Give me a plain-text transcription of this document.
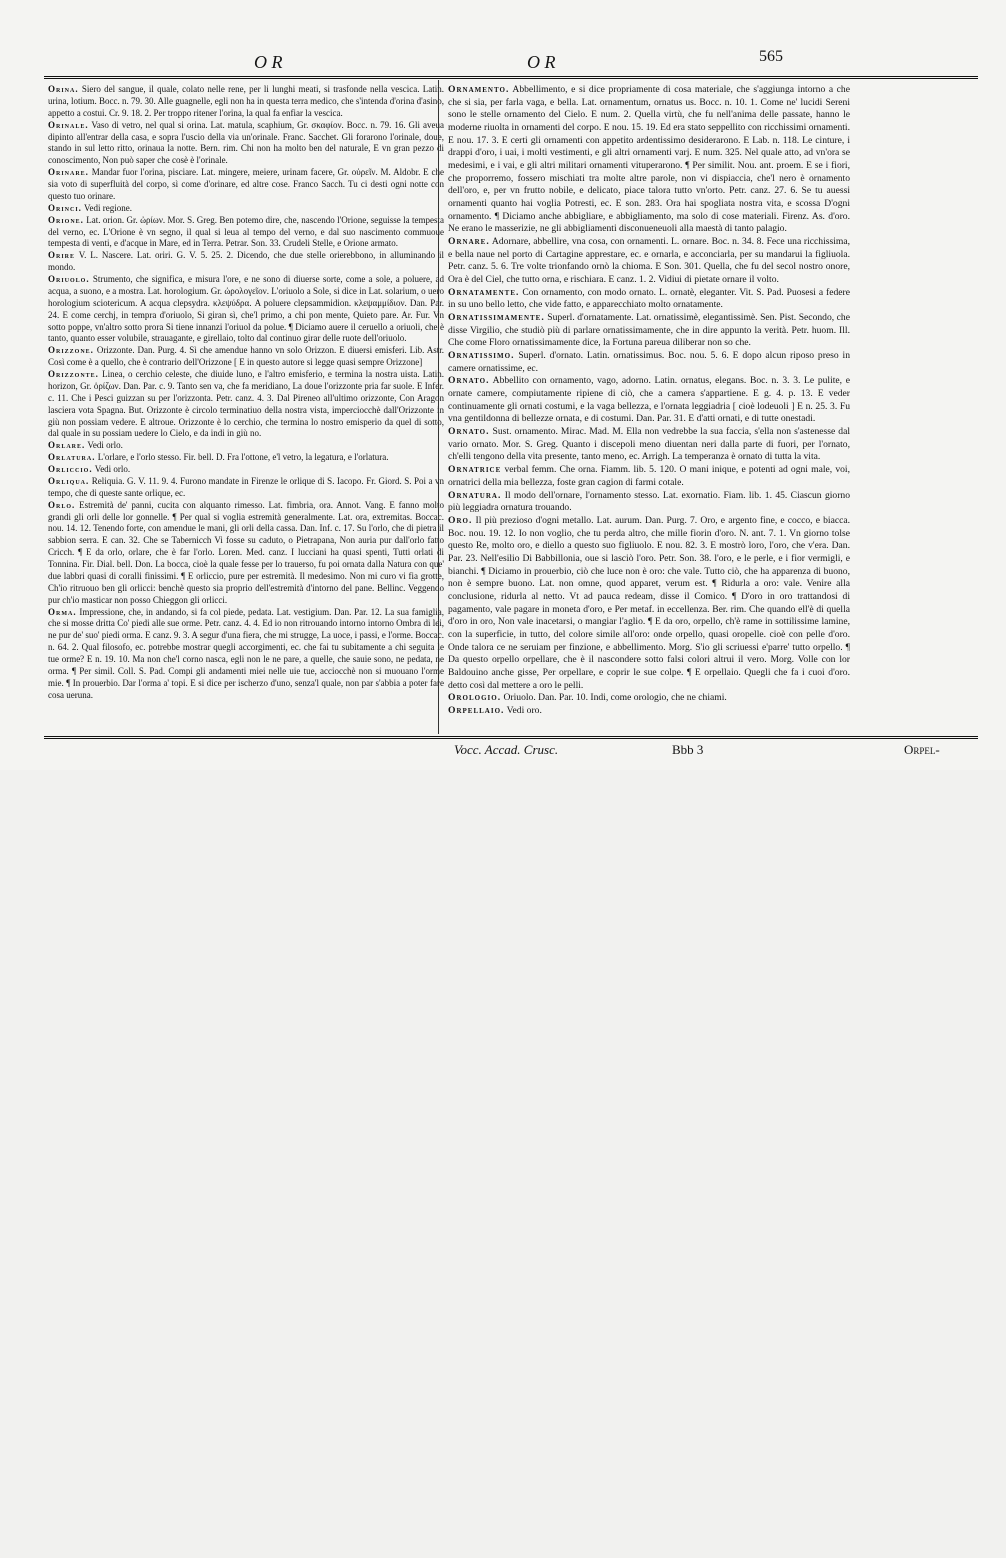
O R	O R	565

Orina. Siero del sangue, il quale, colato nelle rene, per li lunghi meati, si trasfonde nella vescica. Latin. urina, lotium. Bocc. n. 79. 30. Alle guagnelle, egli non ha in questa terra medico, che s'intenda d'orina d'asino, appetto a costui. Cr. 9. 18. 2. Per troppo ritener l'orina, la qual fa enfiar la vescica.

Orinale. Vaso di vetro, nel qual si orina. Lat. matula, scaphium, Gr. σκαφίον. Bocc. n. 79. 16. Gli aveua dipinto all'entrar della casa, e sopra l'uscio della via un'orinale. Franc. Sacchet. Gli forarono l'orinale, doue, stando in sul letto ritto, orinaua la notte. Bern. rim. Chi non ha molto ben del naturale, E vn gran pezzo di conoscimento, Non può saper che cosè è l'orinale.

Orinare. Mandar fuor l'orina, pisciare. Lat. mingere, meiere, urinam facere, Gr. οὐρεῖν. M. Aldobr. E che sia voto di superfluità del corpo, sì come d'orinare, ed altre cose. Franco Sacch. Tu ci desti ogni notte con questo tuo orinare.

Orinci. Vedi regione.

Orione. Lat. orion. Gr. ὠρίων. Mor. S. Greg. Ben potemo dire, che, nascendo l'Orione, seguisse la tempesta del verno, ec. L'Orione è vn segno, il qual si leua al tempo del verno, e dal suo nascimento commuoue tempesta di venti, e d'acque in Mare, ed in Terra. Petrar. Son. 33. Crudeli Stelle, e Orione armato.

Orire V. L. Nascere. Lat. oriri. G. V. 5. 25. 2. Dicendo, che due stelle orierebbono, in alluminando il mondo.

Oriuolo. Strumento, che significa, e misura l'ore, e ne sono di diuerse sorte, come a sole, a poluere, ad acqua, a suono, e a mostra. Lat. horologium. Gr. ὡρολογεῖον. L'oriuolo a Sole, si dice in Lat. solarium, o uero horologium sciotericum. A acqua clepsydra. κλεψύδρα. A poluere clepsammidion. κλεψαμμίδιον. Dan. Par. 24. E come cerchj, in tempra d'oriuolo, Si giran sì, che'l primo, a chi pon mente, Quieto pare. Ar. Fur. Vn sotto poppe, vn'altro sotto prora Si tiene innanzi l'oriuol da polue. ¶ Diciamo auere il ceruello a oriuoli, che è tanto, quanto esser volubile, strauagante, e girellaio, tolto dal continuo girar delle ruote dell'oriuolo.

Orizzone. Orizzonte. Dan. Purg. 4. Sì che amendue hanno vn solo Orizzon. E diuersi emisferi. Lib. Astr. Così come è a quello, che è contrario dell'Orizzone [ E in questo autore si legge quasi sempre Orizzone]

Orizzonte. Linea, o cerchio celeste, che diuide luno, e l'altro emisferio, e termina la nostra uista. Latin. horizon, Gr. ὁρίζων. Dan. Par. c. 9. Tanto sen va, che fa meridiano, La doue l'orizzonte pria far suole. E Infer. c. 11. Che i Pesci guizzan su per l'orizzonta. Petr. canz. 4. 3. Dal Pireneo all'ultimo orizzonte, Con Aragon lasciera vota Spagna. But. Orizzonte è circolo terminatiuo della nostra vista, imperciocchè dall'Orizzonte in giù non possiam vedere. E altroue. Orizzonte è lo cerchio, che termina lo nostro emisperio da quel di sotto, dal quale in su possiam uedere lo Cielo, e da indi in giù no.

Orlare. Vedi orlo.

Orlatura. L'orlare, e l'orlo stesso. Fir. bell. D. Fra l'ottone, e'l vetro, la legatura, e l'orlatura.

Orliccio. Vedi orlo.

Orliqua. Reliquia. G. V. 11. 9. 4. Furono mandate in Firenze le orlique di S. Iacopo. Fr. Giord. S. Poi a vn tempo, che di queste sante orlique, ec.

Orlo. Estremità de' panni, cucita con alquanto rimesso. Lat. fimbria, ora. Annot. Vang. E fanno molto grandi gli orli delle lor gonnelle. ¶ Per qual si voglia estremità generalmente. Lat. ora, extremitas. Boccac. nou. 14. 12. Tenendo forte, con amendue le mani, gli orli della cassa. Dan. Inf. c. 17. Su l'orlo, che di pietra il sabbion serra. E can. 32. Che se Tabernicch Vi fosse su caduto, o Pietrapana, Non auria pur dall'orlo fatto Cricch. ¶ E da orlo, orlare, che è far l'orlo. Loren. Med. canz. I lucciani ha quasi spenti, Tutti orlati di Tonnina. Fir. Dial. bell. Don. La bocca, cioè la quale fesse per lo trauerso, fu poi ornata dalla Natura con que' due labbri quasi di coralli finissimi. ¶ E orliccio, pure per estremità. Il medesimo. Non mi curo vi fia grotte, Ch'io ritruouo ben gli orlicci: benchè questo sia proprio dell'estremità d'intorno del pane. Bellinc. Veggendo pur ch'io masticar non posso Chieggon gli orlicci.

Orma. Impressione, che, in andando, si fa col piede, pedata. Lat. vestigium. Dan. Par. 12. La sua famiglia, che si mosse dritta Co' piedi alle sue orme. Petr. canz. 4. 4. Ed io non ritrouando intorno intorno Ombra di lei, ne pur de' suo' piedi orma. E canz. 9. 3. A segur d'una fiera, che mi strugge, La uoce, i passi, e l'orme. Boccac. n. 64. 2. Qual filosofo, ec. potrebbe mostrar quegli accorgimenti, ec. che fai tu subitamente a chi seguita le tue orme? E n. 19. 10. Ma non che'l corno nasca, egli non le ne pare, a quelle, che sauie sono, ne pedata, ne orma. ¶ Per simil. Coll. S. Pad. Compi gli andamenti miei nelle uie tue, acciocchè non si muouano l'orme mie. ¶ In prouerbio. Dar l'orma a' topi. E si dice per ischerzo d'uno, senza'l quale, non par s'abbia a poter fare cosa ueruna.

Ornamento. Abbellimento, e si dice propriamente di cosa materiale, che s'aggiunga intorno a che che si sia, per farla vaga, e bella. Lat. ornamentum, ornatus us. Bocc. n. 10. 1. Come ne' lucidi Sereni sono le stelle ornamento del Cielo. E num. 2. Quella virtù, che fu nell'anima delle passate, hanno le moderne riuolta in ornamenti del corpo. E nou. 15. 19. Ed era stato seppellito con ricchissimi ornamenti. E nou. 17. 3. E certi gli ornamenti con appetito ardentissimo desiderarono. E Lab. n. 118. Le cinture, i drappi d'oro, i uai, i molti vestimenti, e gli altri ornamenti varj. E num. 325. Nel quale atto, ad vn'ora se medesimi, e i vai, e gli altri militari ornamenti vituperarono. ¶ Per similit. Nou. ant. proem. E se i fiori, che proporremo, fossero mischiati tra molte altre parole, non vi dispiaccia, che'l nero è ornamento dell'oro, e, per vn frutto nobile, e delicato, piace talora tutto vn'orto. Petr. canz. 27. 6. Se tu auessi ornamenti quanto hai voglia Potresti, ec. E son. 283. Ora hai spogliata nostra vita, e scossa D'ogni ornamento. ¶ Diciamo anche abbigliare, e abbigliamento, ma solo di cose materiali. Firenz. As. d'oro. Ne erano le masserizie, ne gli abbigliamenti disconueneuoli alla maestà di tanto palagio.

Ornare. Adornare, abbellire, vna cosa, con ornamenti. L. ornare. Boc. n. 34. 8. Fece una ricchissima, e bella naue nel porto di Cartagine apprestare, ec. e ornarla, e acconciarla, per su mandarui la figliuola. Petr. canz. 5. 6. Tre volte trionfando ornò la chioma. E Son. 301. Quella, che fu del secol nostro onore, Ora è del Ciel, che tutto orna, e rischiara. E canz. 1. 2. Vidiui di pietate ornare il volto.

Ornatamente. Con ornamento, con modo ornato. L. ornatè, eleganter. Vit. S. Pad. Puosesi a federe in su uno bello letto, che vide fatto, e apparecchiato molto ornatamente.

Ornatissimamente. Superl. d'ornatamente. Lat. ornatissimè, elegantissimè. Sen. Pist. Secondo, che disse Virgilio, che studiò più di parlare ornatissimamente, che in dire appunto la verità. Petr. huom. Ill. Che come Floro ornatissimamente dice, la Fortuna pareua diliberar non so che.

Ornatissimo. Superl. d'ornato. Latin. ornatissimus. Boc. nou. 5. 6. E dopo alcun riposo preso in camere ornatissime, ec.

Ornato. Abbellito con ornamento, vago, adorno. Latin. ornatus, elegans. Boc. n. 3. 3. Le pulite, e ornate camere, compiutamente ripiene di ciò, che a camera s'appartiene. E g. 4. p. 13. E veder continuamente gli ornati costumi, e la vaga bellezza, e l'ornata leggiadria [ cioè lodeuoli ] E n. 25. 3. Fu vna gentildonna di bellezze ornata, e di costumi. Dan. Par. 31. E d'atti ornati, e di tutte onestadi.

Ornato. Sust. ornamento. Mirac. Mad. M. Ella non vedrebbe la sua faccia, s'ella non s'astenesse dal vario ornato. Mor. S. Greg. Quanto i discepoli meno diuentan neri dalla parte di fuori, per l'ornato, ch'elli tengono della vita presente, tanto meno, ec. Arrigh. La temperanza è ornato di tutta la vita.

Ornatrice verbal femm. Che orna. Fiamm. lib. 5. 120. O mani inique, e potenti ad ogni male, voi, ornatrici della mia bellezza, foste gran cagion di farmi cotale.

Ornatura. Il modo dell'ornare, l'ornamento stesso. Lat. exornatio. Fiam. lib. 1. 45. Ciascun giorno più leggiadra ornatura trouando.

Oro. Il più prezioso d'ogni metallo. Lat. aurum. Dan. Purg. 7. Oro, e argento fine, e cocco, e biacca. Boc. nou. 19. 12. Io non voglio, che tu perda altro, che mille fiorin d'oro. N. ant. 7. 1. Vn giorno tolse questo Re, molto oro, e diello a questo suo figliuolo. E nou. 82. 3. E mostrò loro, l'oro, che v'era. Dan. Par. 23. Nell'esilio Di Babbillonia, oue si lasciò l'oro. Petr. Son. 38. l'oro, e le perle, e i fior vermigli, e bianchi. ¶ Diciamo in prouerbio, ciò che luce non è oro: che vale. Tutto ciò, che ha apparenza di buono, non è sempre buono. Lat. non omne, quod apparet, verum est. ¶ Ridurla a oro: vale. Venire alla conclusione, ridurla al netto. Vt ad pauca redeam, disse il Comico. ¶ D'oro in oro trattandosi di pagamento, vale pagare in moneta d'oro, e Per metaf. in eccellenza. Ber. rim. Che quando ell'è di quella d'oro in oro, Non vale inacetarsi, o mangiar l'aglio. ¶ E da oro, orpello, ch'è rame in sottilissime lamine, con la superficie, in tutto, del colore simile all'oro: onde orpello, quasi oropelle. cioè con pelle d'oro. Onde talora ce ne seruiam per finzione, e abbellimento. Morg. S'io gli scriuessi e'parre' tutto orpello. ¶ Da questo orpello orpellare, che è il nascondere sotto falsi colori altrui il vero. Morg. Volle con lor Baldouino anche gisse, Per orpellare, e coprir le sue colpe. ¶ E orpellaio. Quegli che fa i cuoi d'oro. detto così dal mettere a oro le pelli.

Orologio. Oriuolo. Dan. Par. 10. Indi, come orologio, che ne chiami.

Orpellaio. Vedi oro.

Vocc. Accad. Crusc.	Bbb 3	Orpel-
